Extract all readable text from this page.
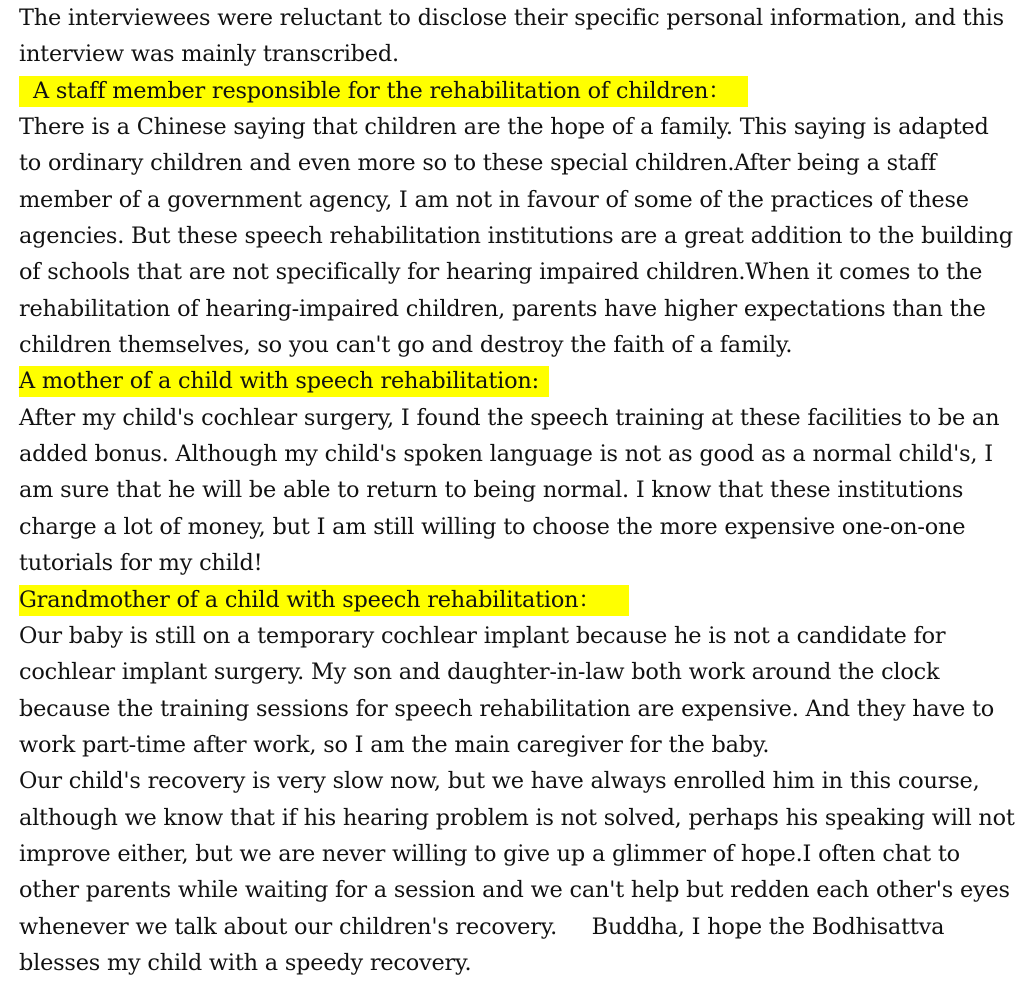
The interviewees were reluctant to disclose their specific personal information, and this
interview was mainly transcribed.
A staff member responsible for the rehabilitation of children：
There is a Chinese saying that children are the hope of a family. This saying is adapted
to ordinary children and even more so to these special children.After being a staff
member of a government agency, I am not in favour of some of the practices of these
agencies. But these speech rehabilitation institutions are a great addition to the building
of schools that are not specifically for hearing impaired children.When it comes to the
rehabilitation of hearing-impaired children, parents have higher expectations than the
children themselves, so you can't go and destroy the faith of a family.
A mother of a child with speech rehabilitation:
After my child's cochlear surgery, I found the speech training at these facilities to be an
added bonus. Although my child's spoken language is not as good as a normal child's, I
am sure that he will be able to return to being normal. I know that these institutions
charge a lot of money, but I am still willing to choose the more expensive one-on-one
tutorials for my child!
Grandmother of a child with speech rehabilitation：
Our baby is still on a temporary cochlear implant because he is not a candidate for
cochlear implant surgery. My son and daughter-in-law both work around the clock
because the training sessions for speech rehabilitation are expensive. And they have to
work part-time after work, so I am the main caregiver for the baby.
Our child's recovery is very slow now, but we have always enrolled him in this course,
although we know that if his hearing problem is not solved, perhaps his speaking will not
improve either, but we are never willing to give up a glimmer of hope.I often chat to
other parents while waiting for a session and we can't help but redden each other's eyes
whenever we talk about our children's recovery.     Buddha, I hope the Bodhisattva
blesses my child with a speedy recovery.
